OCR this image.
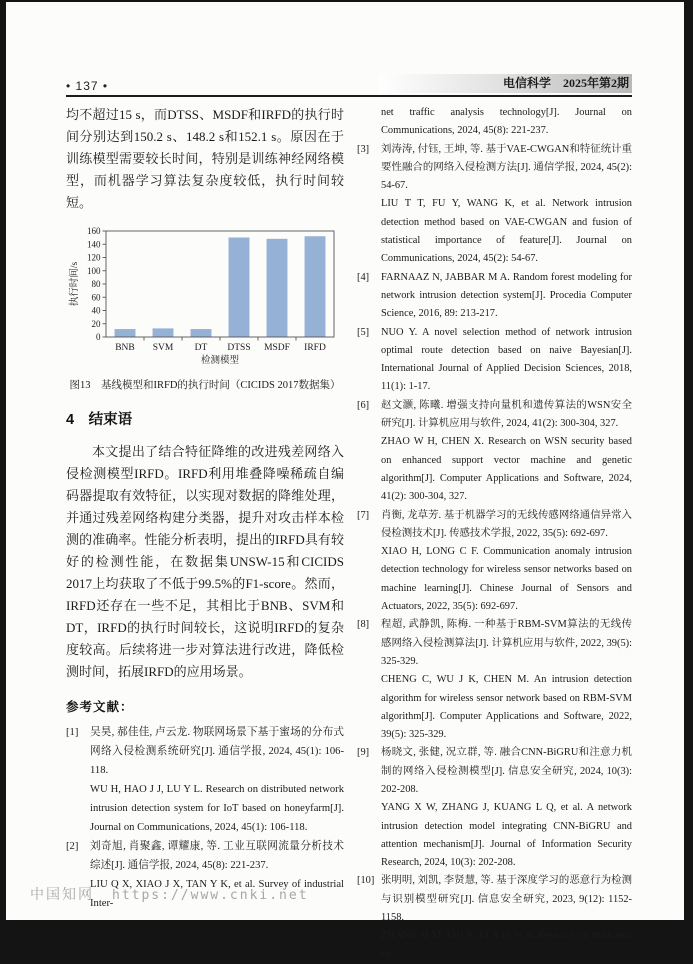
• 137 •	电信科学　2025年第2期

均不超过15 s，而DTSS、MSDF和IRFD的执行时间分别达到150.2 s、148.2 s和152.1 s。原因在于训练模型需要较长时间，特别是训练神经网络模型，而机器学习算法复杂度较低，执行时间较短。

0
20
40
60
80
100
120
140
160
BNB SVM DT DTSS MSDF IRFD
检测模型
执行时间/s
图13　基线模型和IRFD的执行时间（CICIDS 2017数据集）
4　结束语

本文提出了结合特征降维的改进残差网络入侵检测模型IRFD。IRFD利用堆叠降噪稀疏自编码器提取有效特征，以实现对数据的降维处理，并通过残差网络构建分类器，提升对攻击样本检测的准确率。性能分析表明，提出的IRFD具有较好的检测性能，在数据集UNSW-15和CICIDS 2017上均获取了不低于99.5%的F1-score。然而，IRFD还存在一些不足，其相比于BNB、SVM和DT，IRFD的执行时间较长，这说明IRFD的复杂度较高。后续将进一步对算法进行改进，降低检测时间，拓展IRFD的应用场景。

参考文献：
[1]	吴昊, 郝佳佳, 卢云龙. 物联网场景下基于蜜场的分布式网络入侵检测系统研究[J]. 通信学报, 2024, 45(1): 106-118.
WU H, HAO J J, LU Y L. Research on distributed network intrusion detection system for IoT based on honeyfarm[J]. Journal on Communications, 2024, 45(1): 106-118.
[2]	刘奇旭, 肖聚鑫, 谭耀康, 等. 工业互联网流量分析技术综述[J]. 通信学报, 2024, 45(8): 221-237.
LIU Q X, XIAO J X, TAN Y K, et al. Survey of industrial Inter-
net traffic analysis technology[J]. Journal on Communications, 2024, 45(8): 221-237.
[3]	刘涛涛, 付钰, 王坤, 等. 基于VAE-CWGAN和特征统计重要性融合的网络入侵检测方法[J]. 通信学报, 2024, 45(2): 54-67.
LIU T T, FU Y, WANG K, et al. Network intrusion detection method based on VAE-CWGAN and fusion of statistical importance of feature[J]. Journal on Communications, 2024, 45(2): 54-67.
[4]	FARNAAZ N, JABBAR M A. Random forest modeling for network intrusion detection system[J]. Procedia Computer Science, 2016, 89: 213-217.
[5]	NUO Y. A novel selection method of network intrusion optimal route detection based on naive Bayesian[J]. International Journal of Applied Decision Sciences, 2018, 11(1): 1-17.
[6]	赵文灏, 陈曦. 增强支持向量机和遗传算法的WSN安全研究[J]. 计算机应用与软件, 2024, 41(2): 300-304, 327.
ZHAO W H, CHEN X. Research on WSN security based on enhanced support vector machine and genetic algorithm[J]. Computer Applications and Software, 2024, 41(2): 300-304, 327.
[7]	肖衡, 龙草芳. 基于机器学习的无线传感网络通信异常入侵检测技术[J]. 传感技术学报, 2022, 35(5): 692-697.
XIAO H, LONG C F. Communication anomaly intrusion detection technology for wireless sensor networks based on machine learning[J]. Chinese Journal of Sensors and Actuators, 2022, 35(5): 692-697.
[8]	程超, 武静凯, 陈梅. 一种基于RBM-SVM算法的无线传感网络入侵检测算法[J]. 计算机应用与软件, 2022, 39(5): 325-329.
CHENG C, WU J K, CHEN M. An intrusion detection algorithm for wireless sensor network based on RBM-SVM algorithm[J]. Computer Applications and Software, 2022, 39(5): 325-329.
[9]	杨晓文, 张健, 况立群, 等. 融合CNN-BiGRU和注意力机制的网络入侵检测模型[J]. 信息安全研究, 2024, 10(3): 202-208.
YANG X W, ZHANG J, KUANG L Q, et al. A network intrusion detection model integrating CNN-BiGRU and attention mechanism[J]. Journal of Information Security Research, 2024, 10(3): 202-208.
[10] 张明明, 刘凯, 李贤慧, 等. 基于深度学习的恶意行为检测与识别模型研究[J]. 信息安全研究, 2023, 9(12): 1152-1158.
ZHANG M M, LIU K, LI X H, et al. Research on malicious be-
中国知网 https://www.cnki.net
